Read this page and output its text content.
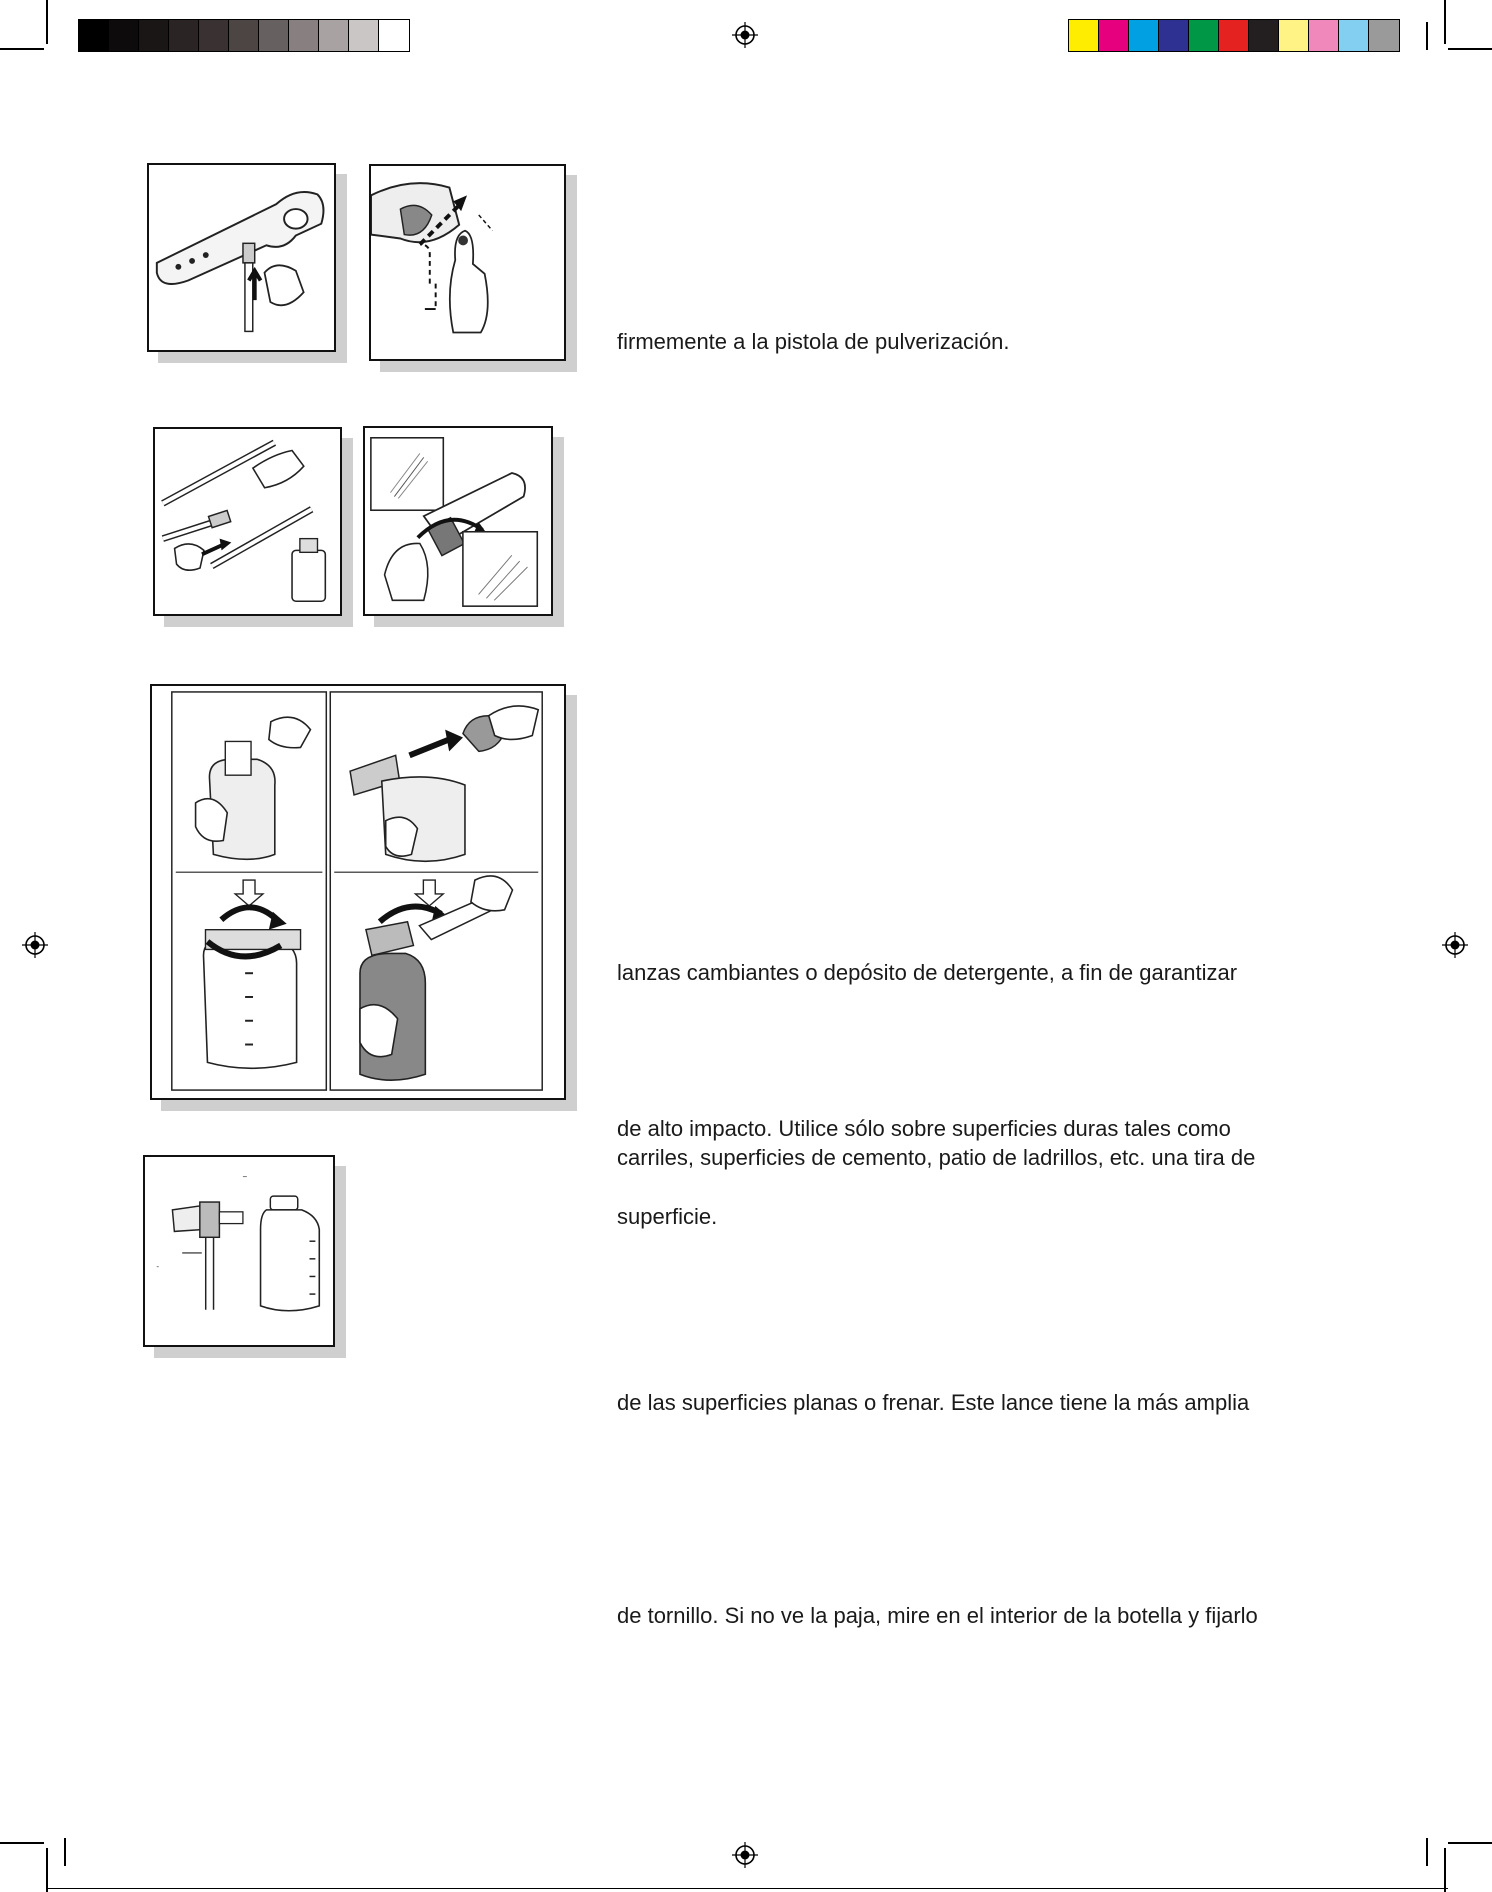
firmemente a la pistola de pulverización.
lanzas cambiantes o depósito de detergente, a fin de garantizar
de alto impacto. Utilice sólo sobre superficies duras tales como
carriles, superficies de cemento, patio de ladrillos, etc. una tira de
superficie.
de las superficies planas o frenar. Este lance tiene la más amplia
de tornillo. Si no ve la paja, mire en el interior de la botella y fijarlo
